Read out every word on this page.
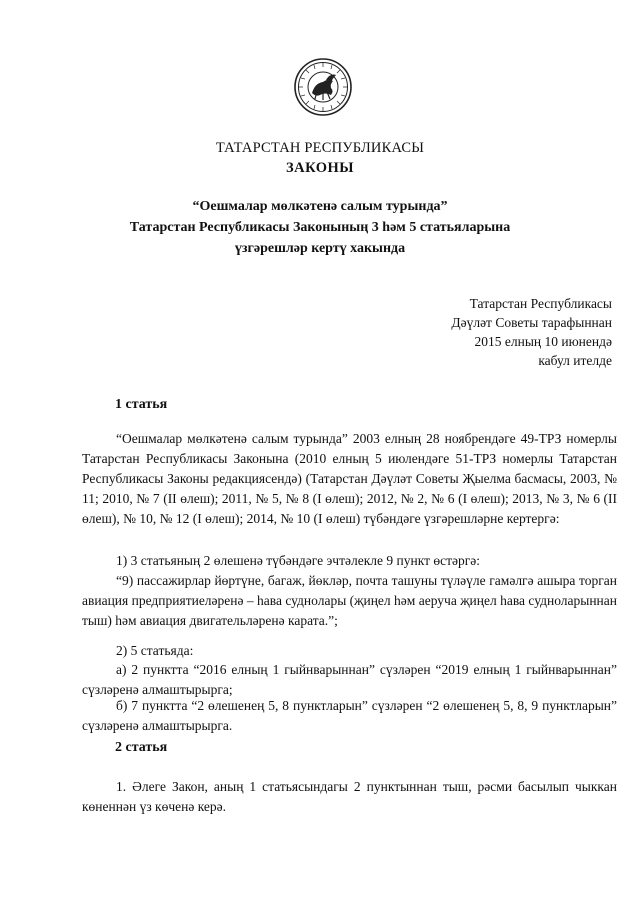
ТАТАРСТАН РЕСПУБЛИКАСЫ
ЗАКОНЫ
“Оешмалар мөлкәтенә салым турында”
Татарстан Республикасы Законының 3 һәм 5 статьяларына
үзгәрешләр кертү хакында
Татарстан Республикасы
Дәүләт Советы тарафыннан
2015 елның 10 июнендә
кабул ителде
1 статья
“Оешмалар мөлкәтенә салым турында” 2003 елның 28 ноябрендәге 49-ТРЗ номерлы Татарстан Республикасы Законына (2010 елның 5 июлендәге 51-ТРЗ номерлы Татарстан Республикасы Законы редакциясендә) (Татарстан Дәүләт Советы Җыелма басмасы, 2003, № 11; 2010, № 7 (II өлеш); 2011, № 5, № 8 (I өлеш); 2012, № 2, № 6 (I өлеш); 2013, № 3, № 6 (II өлеш), № 10, № 12 (I өлеш); 2014, № 10 (I өлеш) түбәндәге үзгәрешләрне кертергә:
1) 3 статьяның 2 өлешенә түбәндәге эчтәлекле 9 пункт өстәргә:
“9) пассажирлар йөртүне, багаж, йөкләр, почта ташуны түләүле гамәлгә ашыра торган авиация предприятиеләренә – һава суднолары (җиңел һәм аеруча җиңел һава судноларыннан тыш) һәм авиация двигательләренә карата.”;
2) 5 статьяда:
а) 2 пунктта “2016 елның 1 гыйнварыннан” сүзләрен “2019 елның 1 гыйнварыннан” сүзләренә алмаштырырга;
б) 7 пунктта “2 өлешенең 5, 8 пунктларын” сүзләрен “2 өлешенең 5, 8, 9 пунктларын” сүзләренә алмаштырырга.
2 статья
1. Әлеге Закон, аның 1 статьясындагы 2 пунктыннан тыш, рәсми басылып чыккан көненнән үз көченә керә.
